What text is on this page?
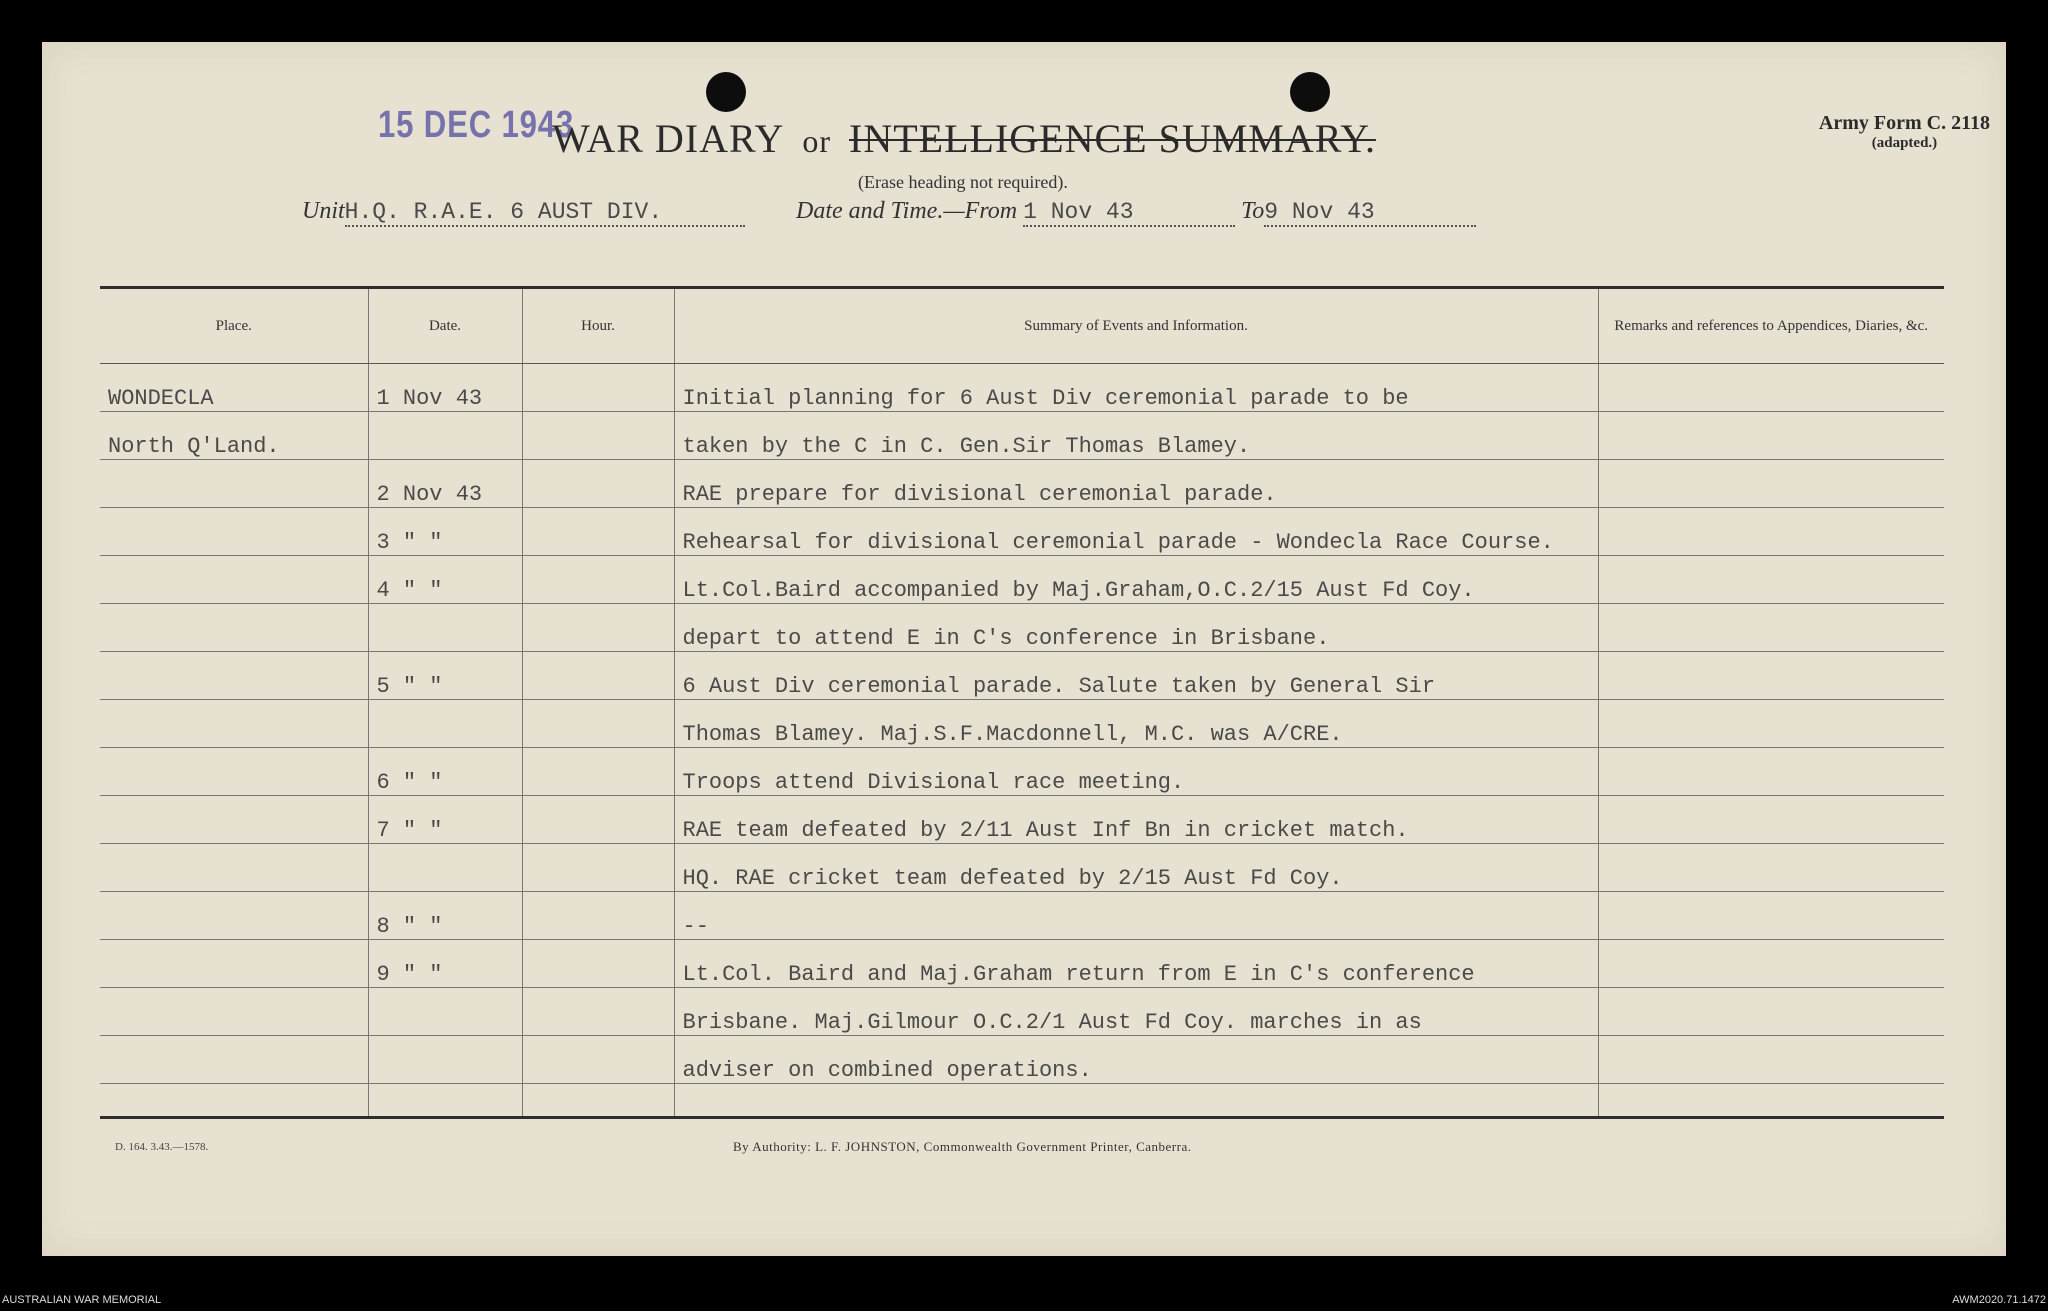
15 DEC 1943
WAR DIARY or INTELLIGENCE SUMMARY.
(Erase heading not required).
Army Form C. 2118
(adapted.)
UnitH.Q. R.A.E. 6 AUST DIV.	Date and Time.—From 1 Nov 43	To9 Nov 43
Place.	Date.	Hour.	Summary of Events and Information.	Remarks and references to Appendices, Diaries, &c.
WONDECLA	1 Nov 43		Initial planning for 6 Aust Div ceremonial parade to be	
North Q'Land.			taken by the C in C. Gen.Sir Thomas Blamey.	
	2 Nov 43		RAE prepare for divisional ceremonial parade.	
	3 " "		Rehearsal for divisional ceremonial parade - Wondecla Race Course.	
	4 " "		Lt.Col.Baird accompanied by Maj.Graham,O.C.2/15 Aust Fd Coy.	
			depart to attend E in C's conference in Brisbane.	
	5 " "		6 Aust Div ceremonial parade. Salute taken by General Sir	
			Thomas Blamey. Maj.S.F.Macdonnell, M.C. was A/CRE.	
	6 " "		Troops attend Divisional race meeting.	
	7 " "		RAE team defeated by 2/11 Aust Inf Bn in cricket match.	
			HQ. RAE cricket team defeated by 2/15 Aust Fd Coy.	
	8 " "		--	
	9 " "		Lt.Col. Baird and Maj.Graham return from E in C's conference	
			Brisbane. Maj.Gilmour O.C.2/1 Aust Fd Coy. marches in as	
			adviser on combined operations.	

D. 164. 3.43.—1578.	By Authority: L. F. JOHNSTON, Commonwealth Government Printer, Canberra.
AUSTRALIAN WAR MEMORIAL	AWM2020.71.1472
